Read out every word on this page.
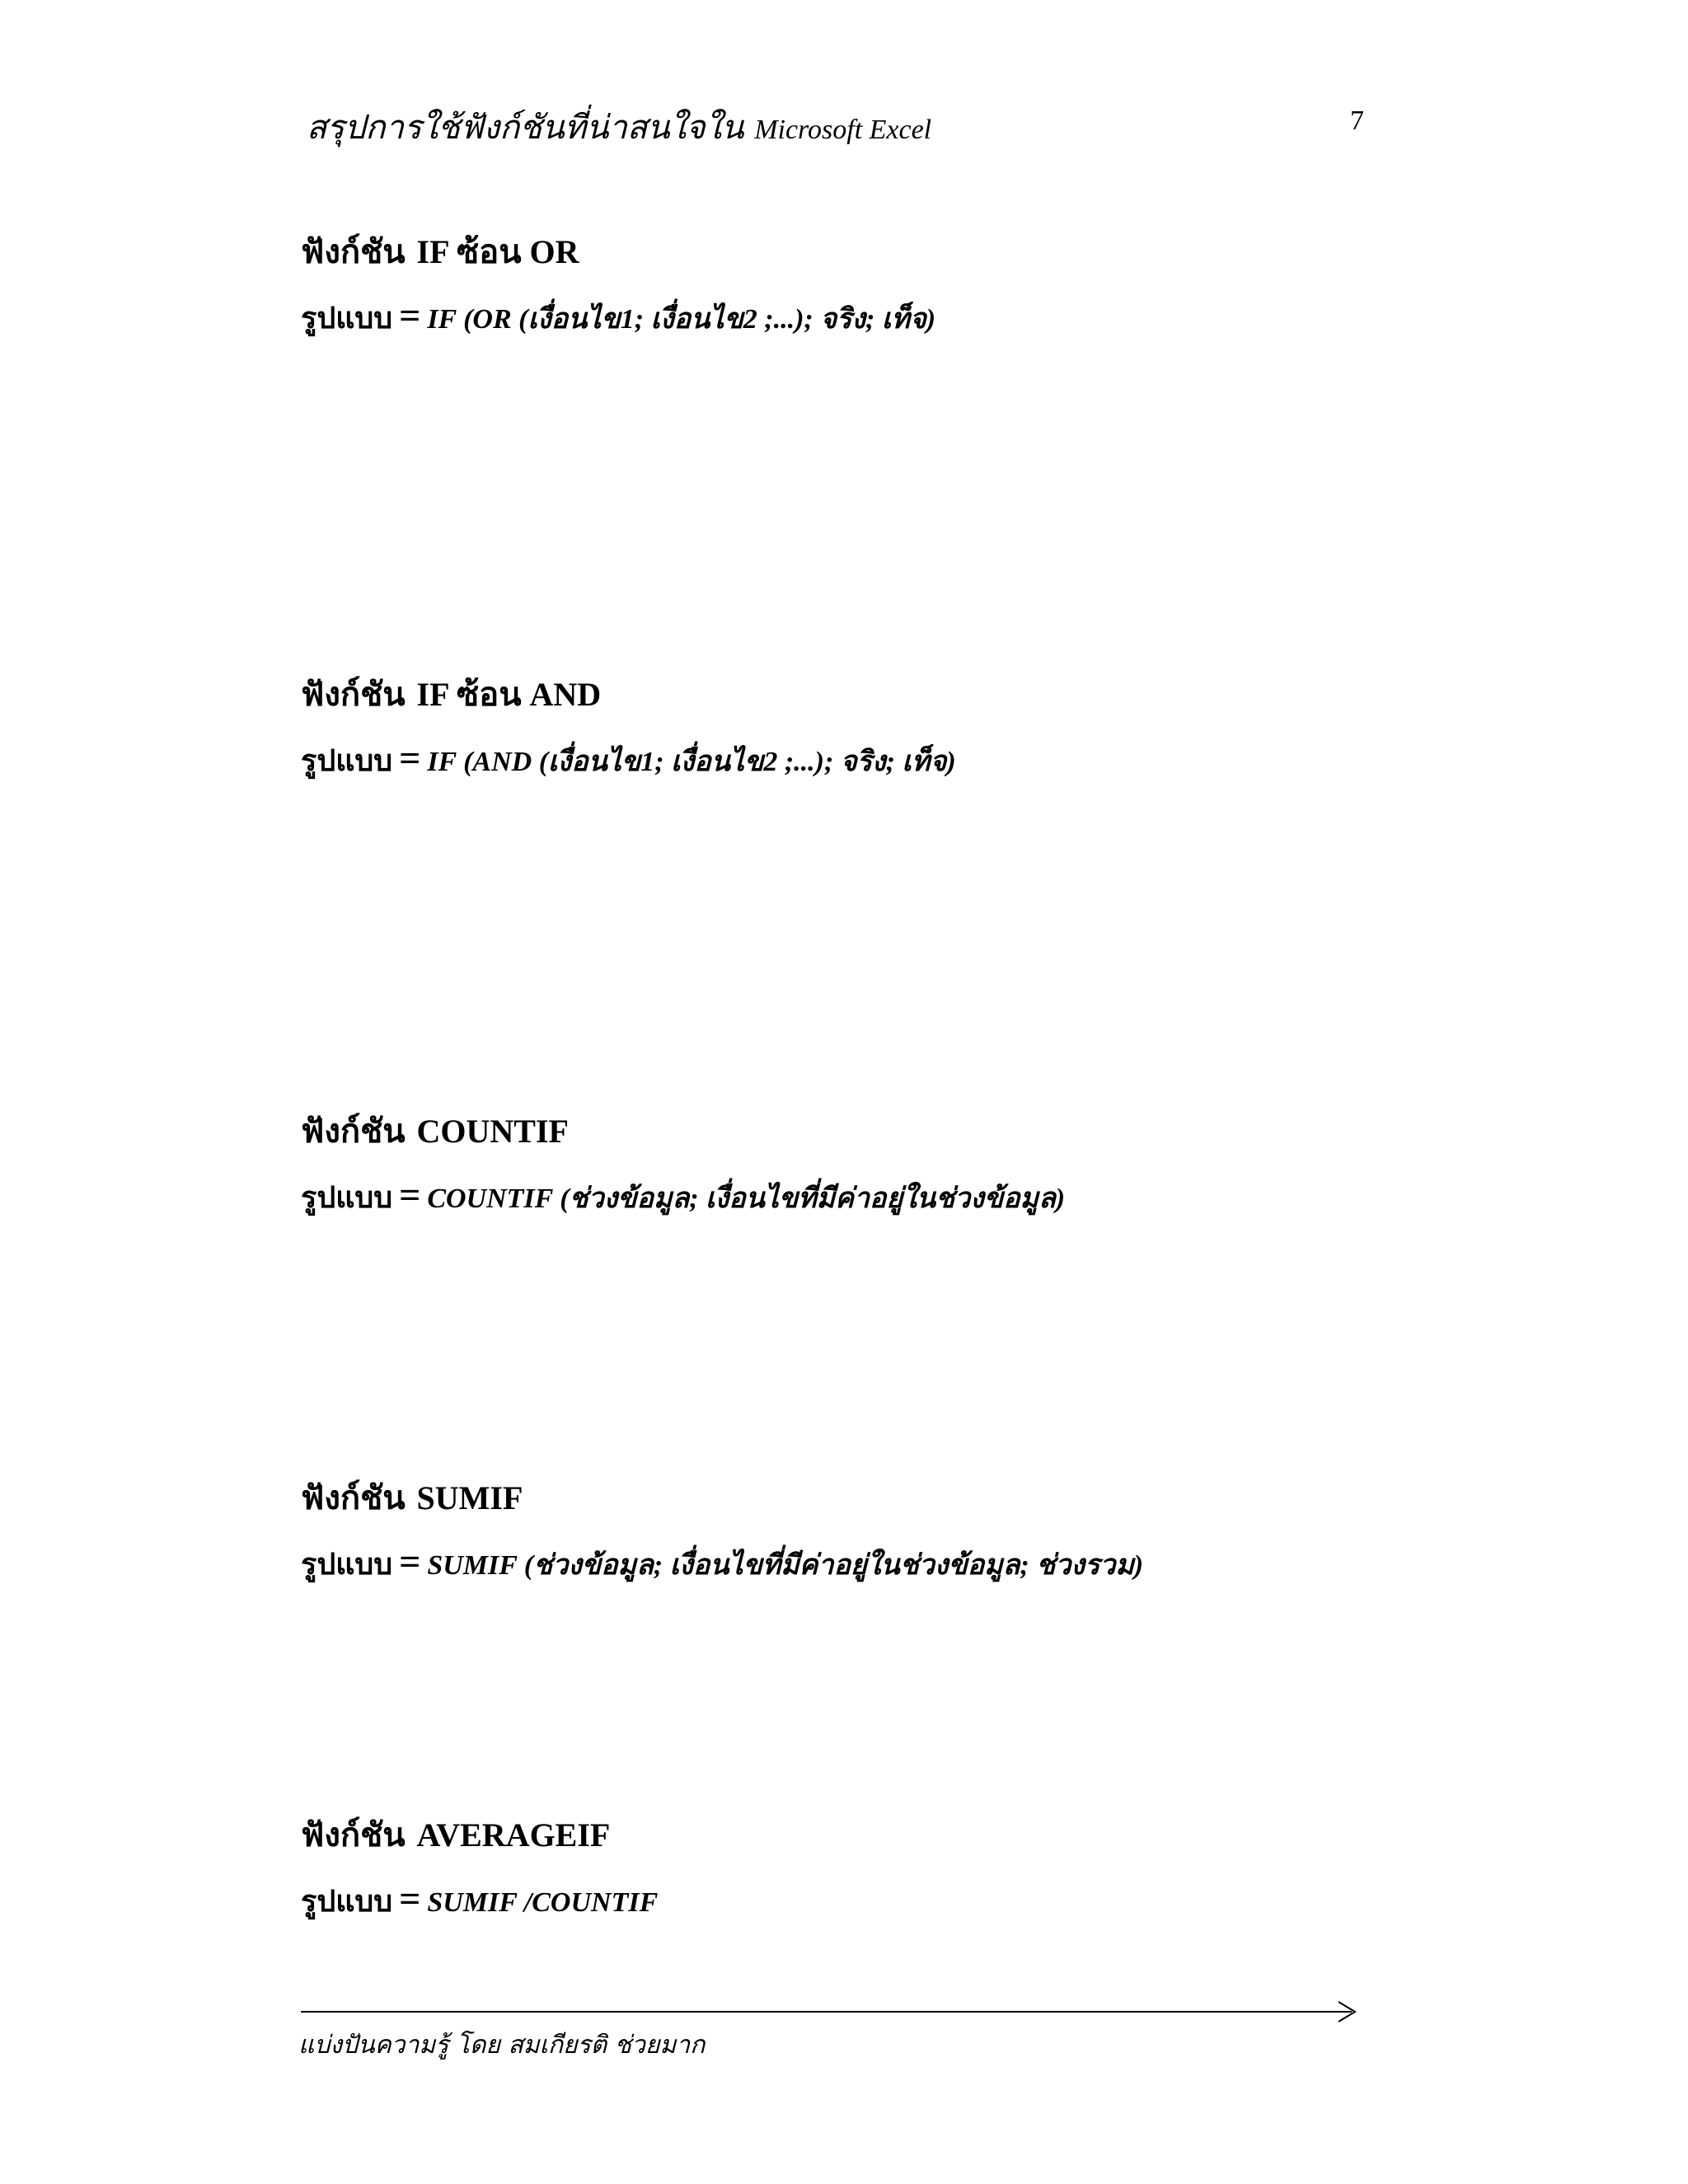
สรุปการใช้ฟังก์ชันที่น่าสนใจใน Microsoft Excel	7
ฟังก์ชัน IF ซ้อน OR
รูปแบบ = IF (OR (เงื่อนไข1; เงื่อนไข2 ;...); จริง; เท็จ)
ฟังก์ชัน IF ซ้อน AND
รูปแบบ = IF (AND (เงื่อนไข1; เงื่อนไข2 ;...); จริง; เท็จ)
ฟังก์ชัน COUNTIF
รูปแบบ = COUNTIF (ช่วงข้อมูล; เงื่อนไขที่มีค่าอยู่ในช่วงข้อมูล)
ฟังก์ชัน SUMIF
รูปแบบ = SUMIF (ช่วงข้อมูล; เงื่อนไขที่มีค่าอยู่ในช่วงข้อมูล; ช่วงรวม)
ฟังก์ชัน AVERAGEIF
รูปแบบ = SUMIF /COUNTIF
แบ่งปันความรู้ โดย สมเกียรติ ช่วยมาก
